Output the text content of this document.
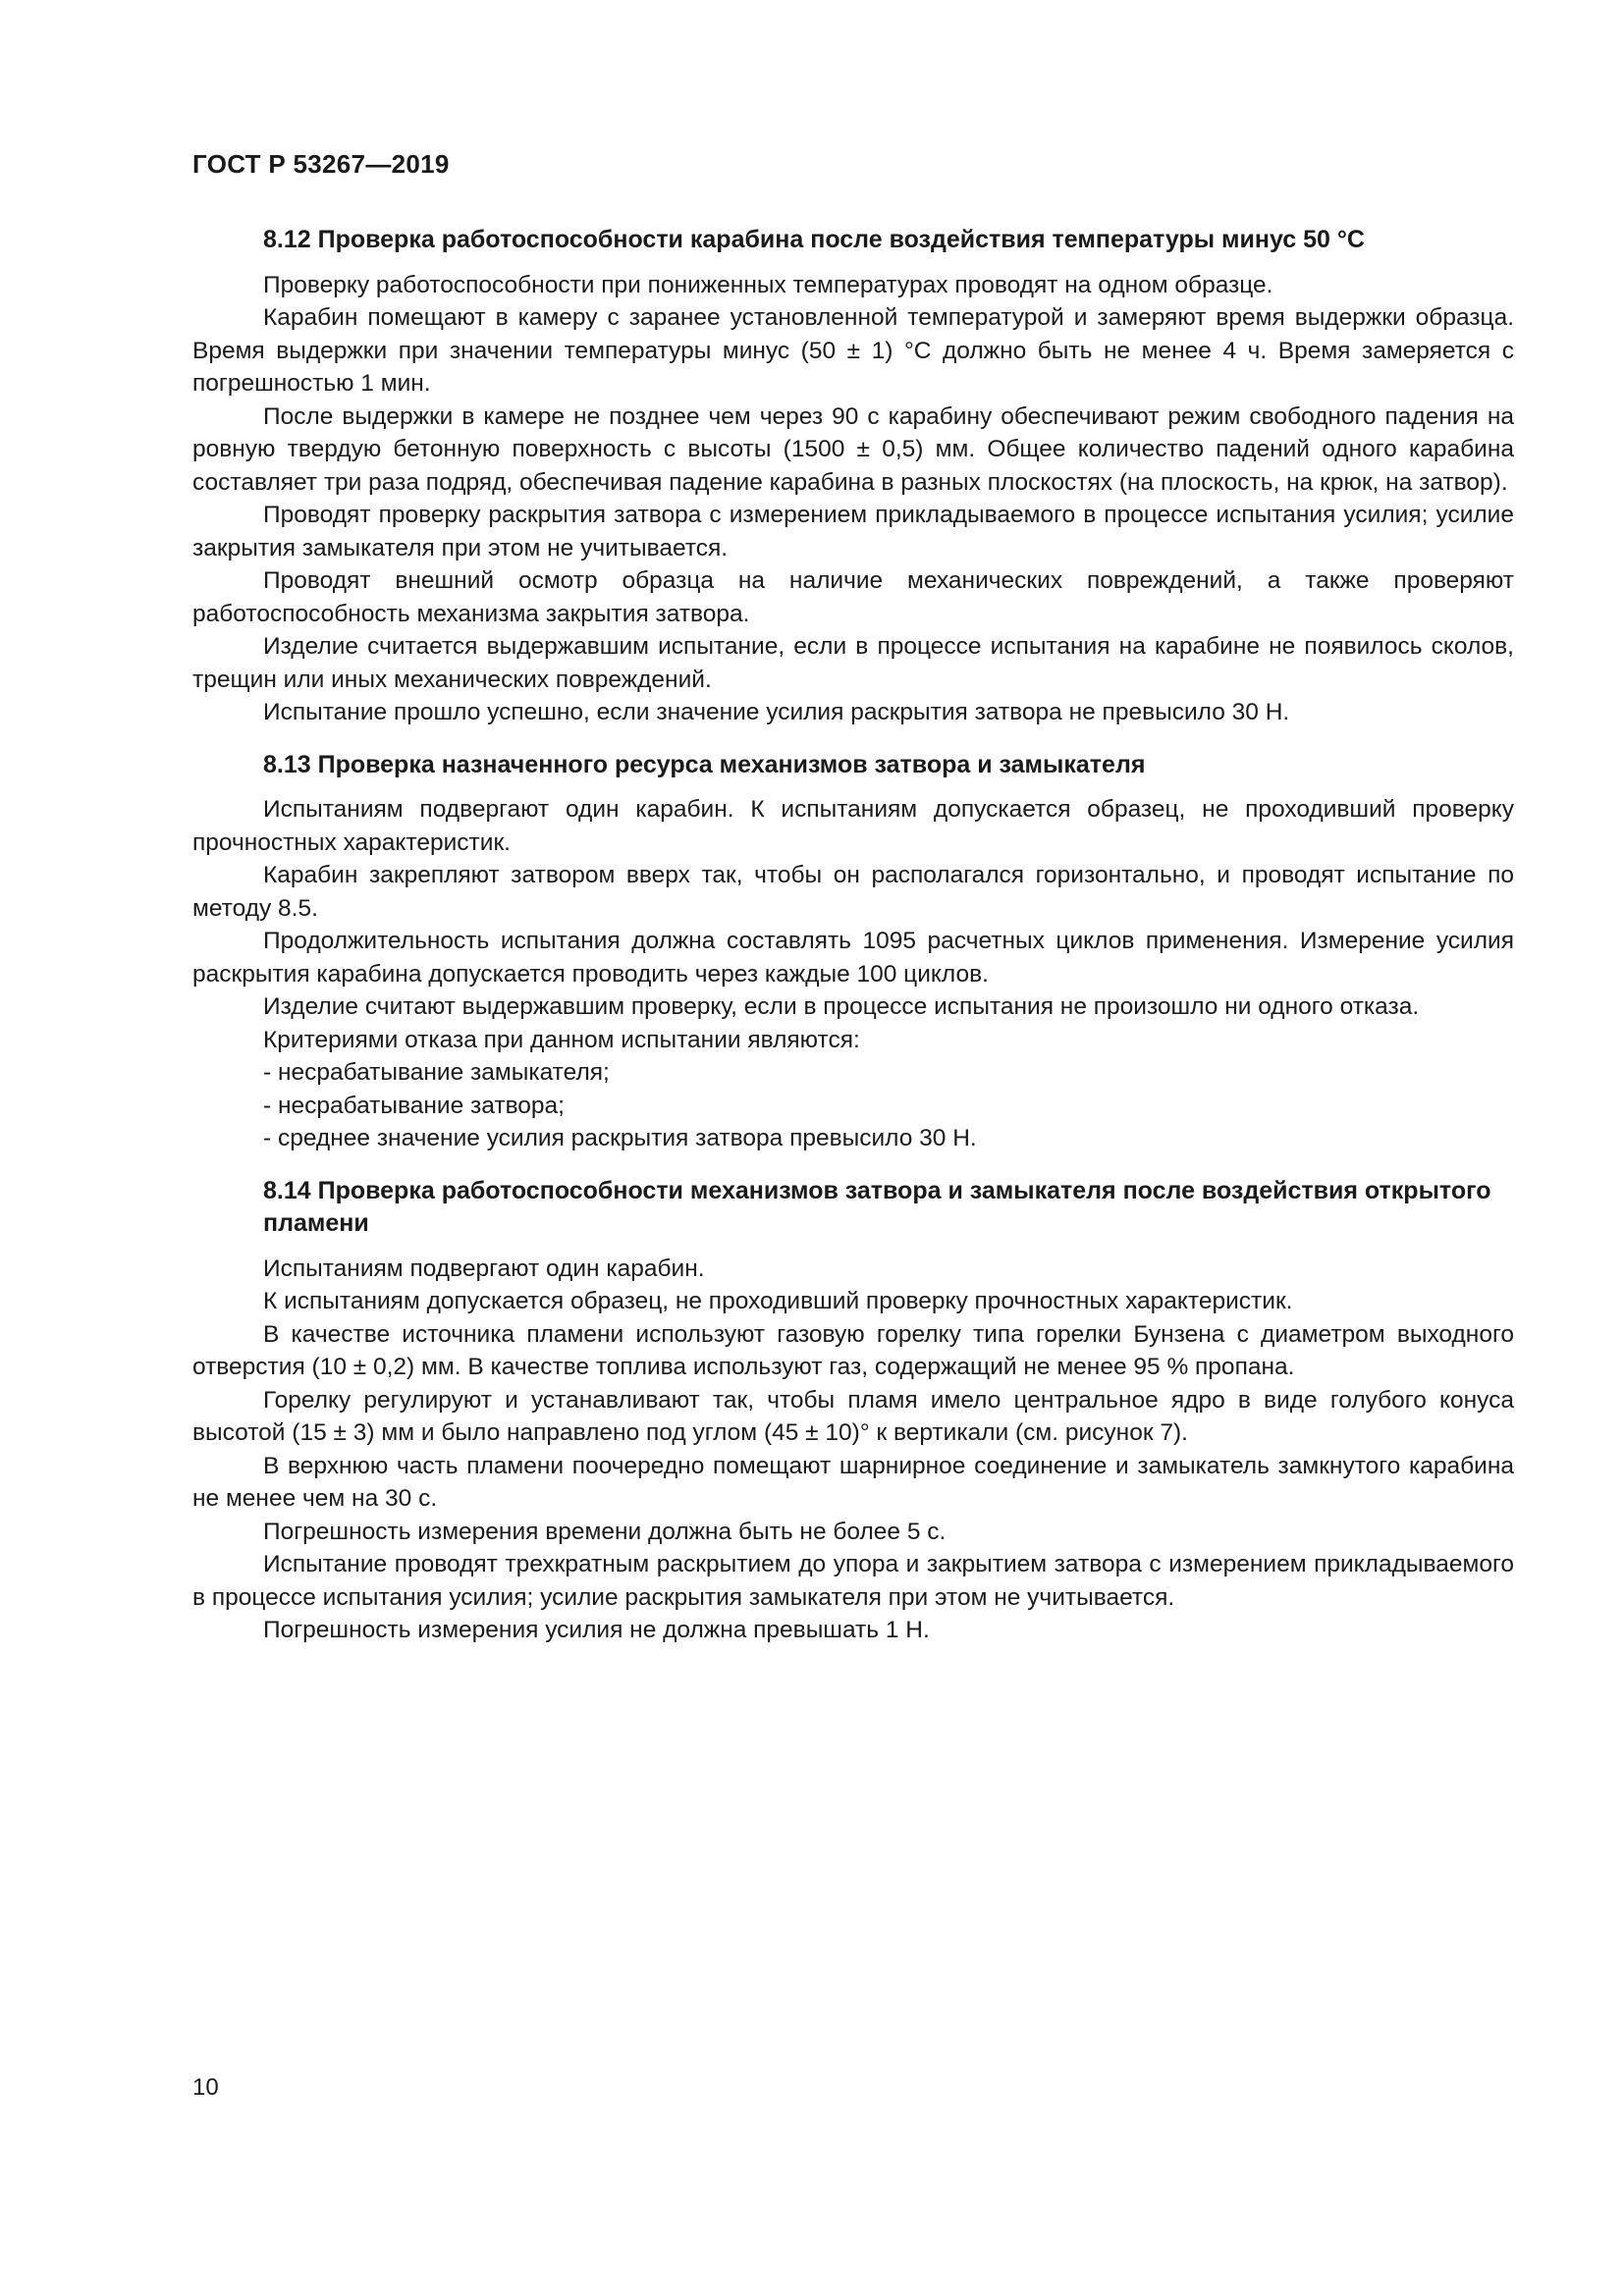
ГОСТ Р 53267—2019
8.12 Проверка работоспособности карабина после воздействия температуры минус 50 °С

Проверку работоспособности при пониженных температурах проводят на одном образце.

Карабин помещают в камеру с заранее установленной температурой и замеряют время выдержки образца. Время выдержки при значении температуры минус (50 ± 1) °С должно быть не менее 4 ч. Время замеряется с погрешностью 1 мин.

После выдержки в камере не позднее чем через 90 с карабину обеспечивают режим свободного падения на ровную твердую бетонную поверхность с высоты (1500 ± 0,5) мм. Общее количество падений одного карабина составляет три раза подряд, обеспечивая падение карабина в разных плоскостях (на плоскость, на крюк, на затвор).

Проводят проверку раскрытия затвора с измерением прикладываемого в процессе испытания усилия; усилие закрытия замыкателя при этом не учитывается.

Проводят внешний осмотр образца на наличие механических повреждений, а также проверяют работоспособность механизма закрытия затвора.

Изделие считается выдержавшим испытание, если в процессе испытания на карабине не появилось сколов, трещин или иных механических повреждений.

Испытание прошло успешно, если значение усилия раскрытия затвора не превысило 30 Н.

8.13 Проверка назначенного ресурса механизмов затвора и замыкателя

Испытаниям подвергают один карабин. К испытаниям допускается образец, не проходивший проверку прочностных характеристик.

Карабин закрепляют затвором вверх так, чтобы он располагался горизонтально, и проводят испытание по методу 8.5.

Продолжительность испытания должна составлять 1095 расчетных циклов применения. Измерение усилия раскрытия карабина допускается проводить через каждые 100 циклов.

Изделие считают выдержавшим проверку, если в процессе испытания не произошло ни одного отказа.

Критериями отказа при данном испытании являются:

- несрабатывание замыкателя;
- несрабатывание затвора;
- среднее значение усилия раскрытия затвора превысило 30 Н.
8.14 Проверка работоспособности механизмов затвора и замыкателя после воздействия открытого пламени

Испытаниям подвергают один карабин.

К испытаниям допускается образец, не проходивший проверку прочностных характеристик.

В качестве источника пламени используют газовую горелку типа горелки Бунзена с диаметром выходного отверстия (10 ± 0,2) мм. В качестве топлива используют газ, содержащий не менее 95 % пропана.

Горелку регулируют и устанавливают так, чтобы пламя имело центральное ядро в виде голубого конуса высотой (15 ± 3) мм и было направлено под углом (45 ± 10)° к вертикали (см. рисунок 7).

В верхнюю часть пламени поочередно помещают шарнирное соединение и замыкатель замкнутого карабина не менее чем на 30 с.

Погрешность измерения времени должна быть не более 5 с.

Испытание проводят трехкратным раскрытием до упора и закрытием затвора с измерением прикладываемого в процессе испытания усилия; усилие раскрытия замыкателя при этом не учитывается.

Погрешность измерения усилия не должна превышать 1 Н.

10
